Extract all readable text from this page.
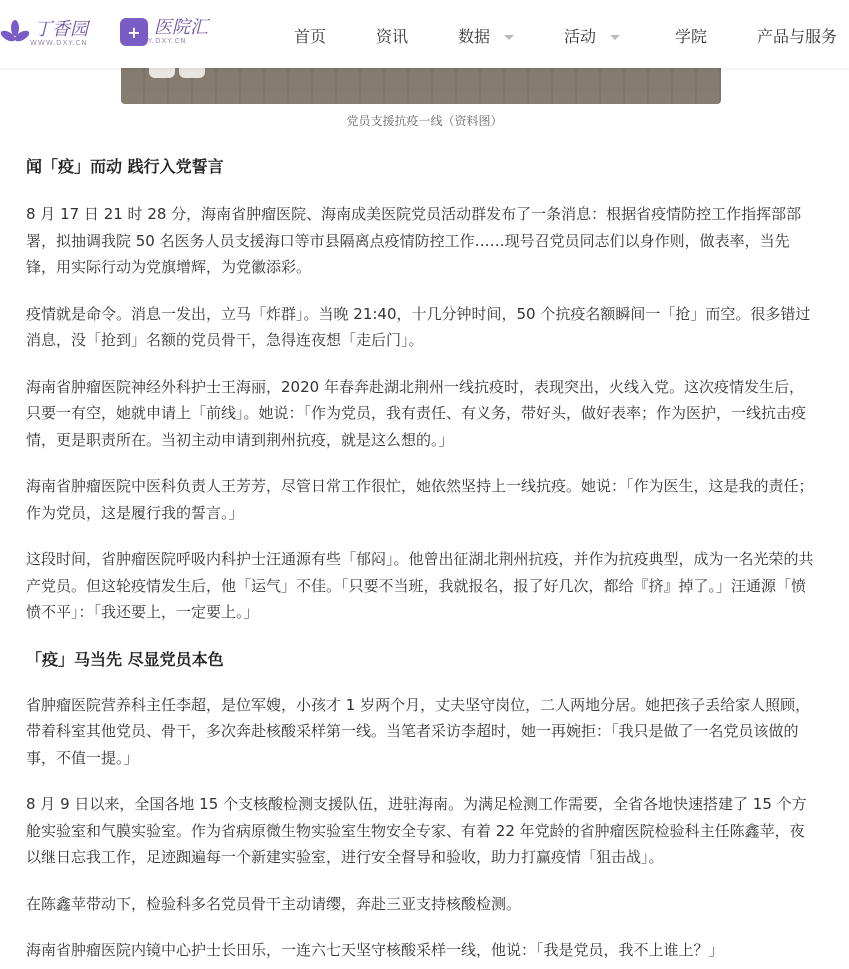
丁香园
WWW.DXY.CN
+ 医院汇
Y.DXY.CN	首页	资讯	数据	活动	学院	产品与服务
党员支援抗疫一线（资料图）
闻「疫」而动 践行入党誓言

8 月 17 日 21 时 28 分，海南省肿瘤医院、海南成美医院党员活动群发布了一条消息：根据省疫情防控工作指挥部部署，拟抽调我院 50 名医务人员支援海口等市县隔离点疫情防控工作……现号召党员同志们以身作则，做表率，当先锋，用实际行动为党旗增辉，为党徽添彩。

疫情就是命令。消息一发出，立马「炸群」。当晚 21:40，十几分钟时间，50 个抗疫名额瞬间一「抢」而空。很多错过消息，没「抢到」名额的党员骨干，急得连夜想「走后门」。

海南省肿瘤医院神经外科护士王海丽，2020 年春奔赴湖北荆州一线抗疫时，表现突出，火线入党。这次疫情发生后，只要一有空，她就申请上「前线」。她说：「作为党员，我有责任、有义务，带好头，做好表率；作为医护，一线抗击疫情，更是职责所在。当初主动申请到荆州抗疫，就是这么想的。」

海南省肿瘤医院中医科负责人王芳芳，尽管日常工作很忙，她依然坚持上一线抗疫。她说：「作为医生，这是我的责任；作为党员，这是履行我的誓言。」

这段时间，省肿瘤医院呼吸内科护士汪通源有些「郁闷」。他曾出征湖北荆州抗疫，并作为抗疫典型，成为一名光荣的共产党员。但这轮疫情发生后，他「运气」不佳。「只要不当班，我就报名，报了好几次，都给『挤』掉了。」汪通源「愤愤不平」：「我还要上，一定要上。」

「疫」马当先 尽显党员本色

省肿瘤医院营养科主任李超，是位军嫂，小孩才 1 岁两个月，丈夫坚守岗位，二人两地分居。她把孩子丢给家人照顾，带着科室其他党员、骨干，多次奔赴核酸采样第一线。当笔者采访李超时，她一再婉拒：「我只是做了一名党员该做的事，不值一提。」

8 月 9 日以来，全国各地 15 个支核酸检测支援队伍，进驻海南。为满足检测工作需要，全省各地快速搭建了 15 个方舱实验室和气膜实验室。作为省病原微生物实验室生物安全专家、有着 22 年党龄的省肿瘤医院检验科主任陈鑫苹，夜以继日忘我工作，足迹踟遍每一个新建实验室，进行安全督导和验收，助力打赢疫情「狙击战」。

在陈鑫苹带动下，检验科多名党员骨干主动请缨，奔赴三亚支持核酸检测。

海南省肿瘤医院内镜中心护士长田乐，一连六七天坚守核酸采样一线，他说：「我是党员，我不上谁上？」
